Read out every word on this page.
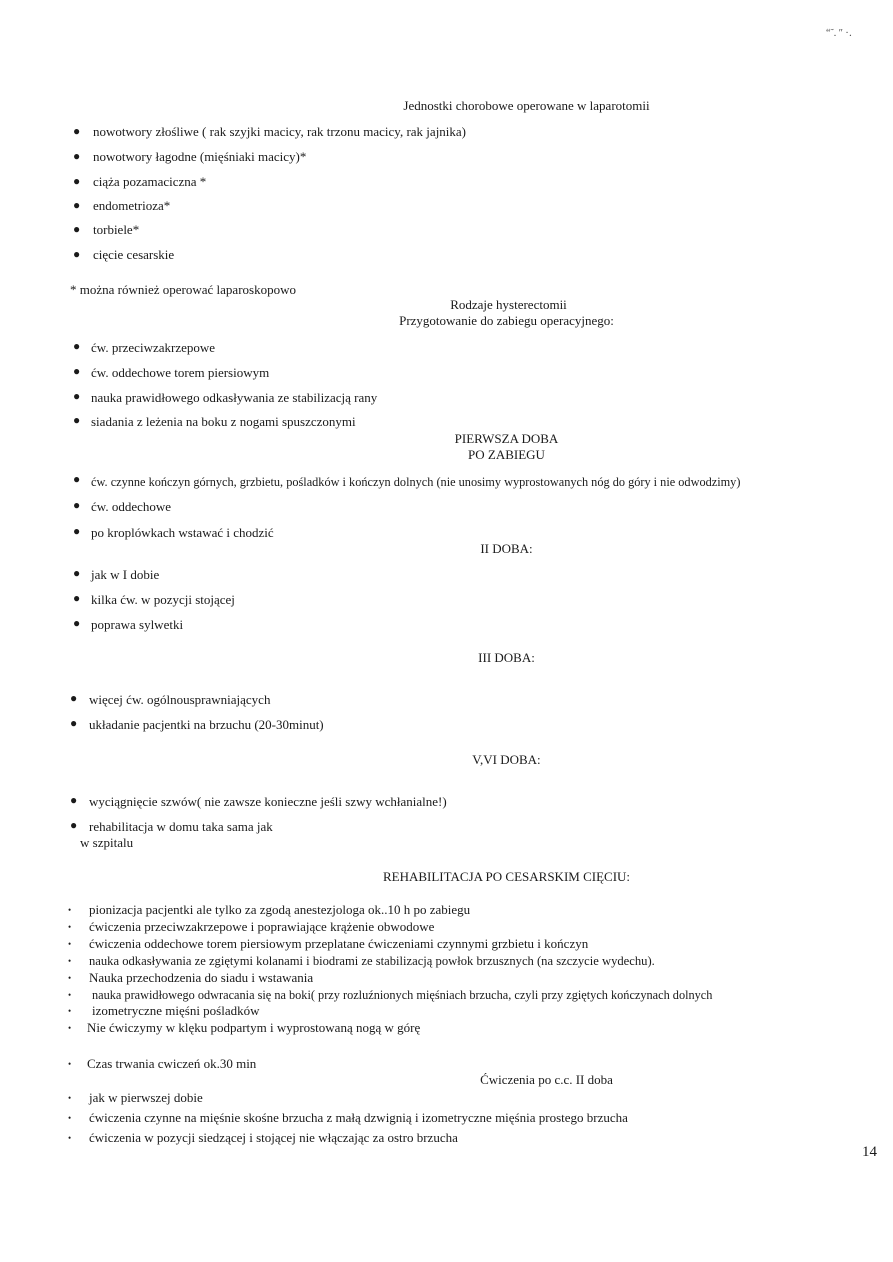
“˜. ″ ·․
Jednostki chorobowe operowane w laparotomii
● nowotwory złośliwe ( rak szyjki macicy, rak trzonu macicy, rak jajnika)
● nowotwory łagodne (mięśniaki macicy)*
● ciąża pozamaciczna *
● endometrioza*
● torbiele*
● cięcie cesarskie
* można również operować laparoskopowo
Rodzaje hysterectomii
Przygotowanie do zabiegu operacyjnego:
● ćw. przeciwzakrzepowe
● ćw. oddechowe torem piersiowym
● nauka prawidłowego odkasływania ze stabilizacją rany
● siadania z leżenia na boku z nogami spuszczonymi
PIERWSZA DOBA
PO ZABIEGU
● ćw. czynne kończyn górnych, grzbietu, pośladków i kończyn dolnych (nie unosimy wyprostowanych nóg do góry i nie odwodzimy)
● ćw. oddechowe
● po kroplówkach wstawać i chodzić
II DOBA:
● jak w I dobie
● kilka ćw. w pozycji stojącej
● poprawa sylwetki
III DOBA:
● więcej ćw. ogólnousprawniających
● układanie pacjentki na brzuchu (20-30minut)
V,VI DOBA:
● wyciągnięcie szwów( nie zawsze konieczne jeśli szwy wchłanialne!)
● rehabilitacja w domu taka sama jak
w szpitalu
REHABILITACJA PO CESARSKIM CIĘCIU:
• pionizacja pacjentki ale tylko za zgodą anestezjologa ok..10 h po zabiegu
• ćwiczenia przeciwzakrzepowe i poprawiające krążenie obwodowe
• ćwiczenia oddechowe torem piersiowym przeplatane ćwiczeniami czynnymi grzbietu i kończyn
• nauka odkasływania ze zgiętymi kolanami i biodrami ze stabilizacją powłok brzusznych (na szczycie wydechu).
• Nauka przechodzenia do siadu i wstawania
• nauka prawidłowego odwracania się na boki( przy rozluźnionych mięśniach brzucha, czyli przy zgiętych kończynach dolnych
• izometryczne mięśni pośladków
• Nie ćwiczymy w klęku podpartym i wyprostowaną nogą w górę
• Czas trwania cwiczeń ok.30 min
Ćwiczenia po c.c. II doba
• jak w pierwszej dobie
• ćwiczenia czynne na mięśnie skośne brzucha z małą dzwignią i izometryczne mięśnia prostego brzucha
• ćwiczenia w pozycji siedzącej i stojącej nie włączając za ostro brzucha
14
